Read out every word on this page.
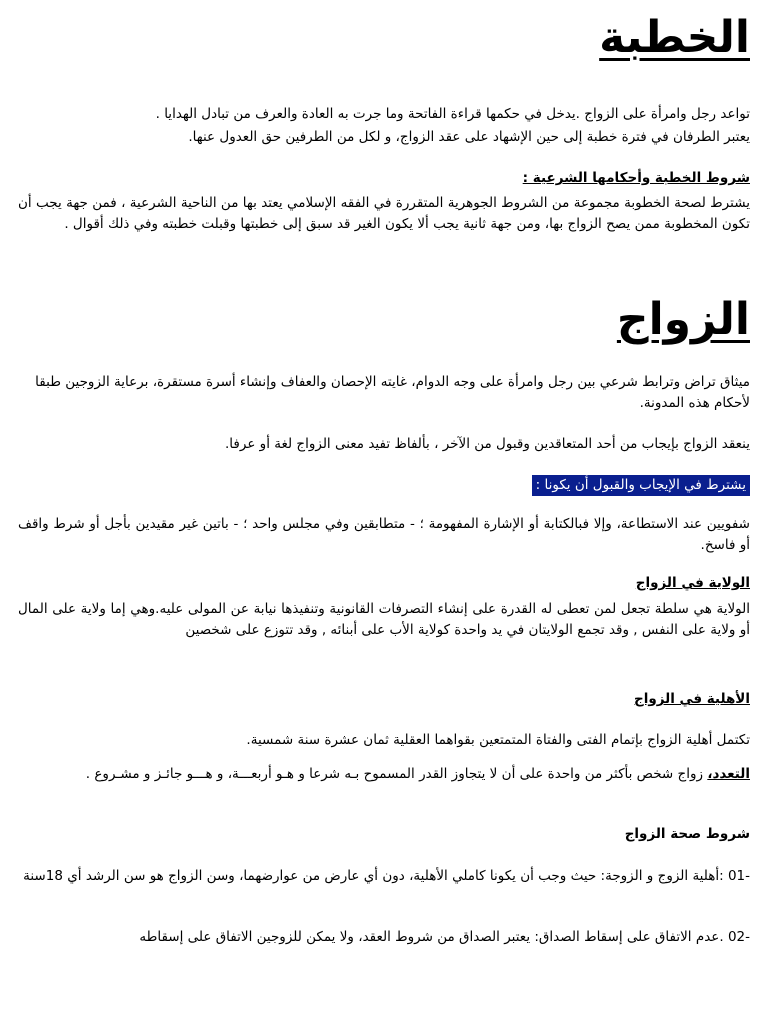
الخطبة

تواعد رجل وامرأة على الزواج .يدخل في حكمها قراءة الفاتحة وما جرت به العادة والعرف من تبادل الهدايا .

يعتبر الطرفان في فترة خطبة إلى حين الإشهاد على عقد الزواج، و لكل من الطرفين حق العدول عنها.

شروط الخطبة وأحكامها الشرعية :

يشترط لصحة الخطوبة مجموعة من الشروط الجوهرية المتقررة في الفقه الإسلامي يعتد بها من الناحية الشرعية ، فمن جهة يجب أن تكون المخطوبة ممن يصح الزواج بها، ومن جهة ثانية يجب ألا يكون الغير قد سبق إلى خطبتها وقبلت خطبته وفي ذلك أقوال .

الزواج

ميثاق تراض وترابط شرعي بين رجل وامرأة على وجه الدوام، غايته الإحصان والعفاف وإنشاء أسرة مستقرة، برعاية الزوجين طبقا لأحكام هذه المدونة.

ينعقد الزواج بإيجاب من أحد المتعاقدين وقبول من الآخر ، بألفاظ تفيد معنى الزواج لغة أو عرفا.

يشترط في الإيجاب والقبول أن يكونا :

شفويين عند الاستطاعة، وإلا فبالكتابة أو الإشارة المفهومة ؛ - متطابقين وفي مجلس واحد ؛ - باتين غير مقيدين بأجل أو شرط واقف أو فاسخ.

الولاية في الزواج

الولاية هي سلطة تجعل لمن تعطى له القدرة على إنشاء التصرفات القانونية وتنفيذها نيابة عن المولى عليه.وهي إما ولاية على المال أو ولاية على النفس , وقد تجمع الولايتان في يد واحدة كولاية الأب على أبنائه , وقد تتوزع على شخصين

الأهلية في الزواج

تكتمل أهلية الزواج بإتمام الفتى والفتاة المتمتعين بقواهما العقلية ثمان عشرة سنة شمسية.

التعدد، زواج شخص بأكثر من واحدة على أن لا يتجاوز القدر المسموح بـه شرعا و هـو أربعـــة، و هـــو جائـز و مشـروع .

شروط صحة الزواج

-01 :أهلية الزوج و الزوجة: حيث وجب أن يكونا كاملي الأهلية، دون أي عارض من عوارضهما، وسن الزواج هو سن الرشد أي 18سنة

-02 .عدم الاتفاق على إسقاط الصداق: يعتبر الصداق من شروط العقد، ولا يمكن للزوجين الاتفاق على إسقاطه
